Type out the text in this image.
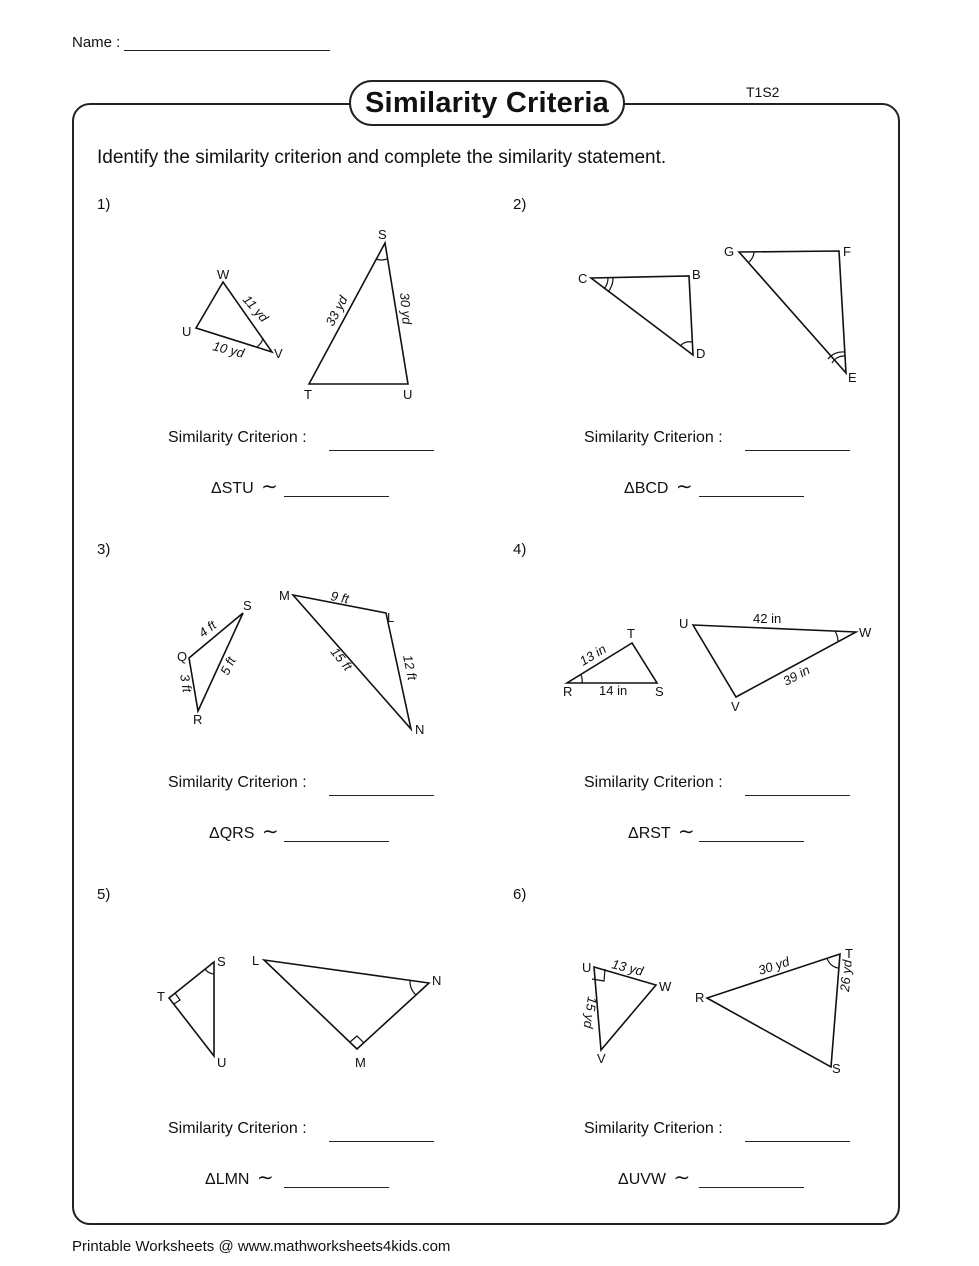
Name :
Similarity Criteria	T1S2
Identify the similarity criterion and complete the similarity statement.
1)	2)
3)	4)
5)	6)
W
U
V
11 yd
10 yd
S
T	U
33 yd	30 yd
C	B
D
G	F
E
S
Q
R
4 ft
5 ft
3 ft
M
L
N
9 ft
15 ft	12 ft
T
R	S
13 in
14 in
U
W
V
42 in
39 in
S
T
U
L
N
M
U
W
V
13 yd
15 yd
T
R
S
30 yd	26 yd
Similarity Criterion :	Similarity Criterion :
Similarity Criterion :	Similarity Criterion :
Similarity Criterion :	Similarity Criterion :
ΔSTU ∼	ΔBCD ∼
ΔQRS ∼	ΔRST ∼
ΔLMN ∼	ΔUVW ∼
Printable Worksheets @ www.mathworksheets4kids.com
